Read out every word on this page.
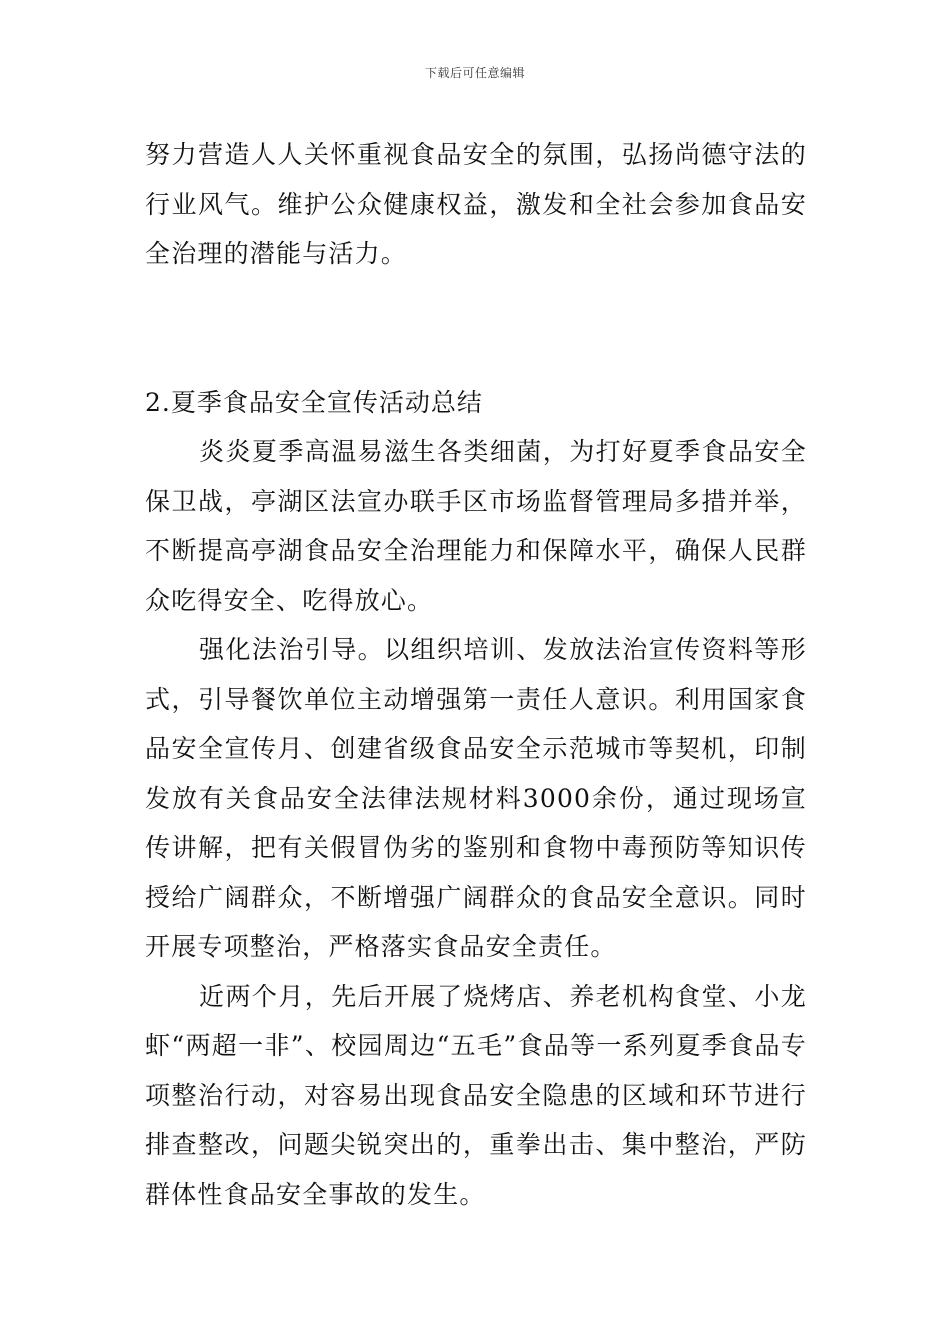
下载后可任意编辑

努力营造人人关怀重视食品安全的氛围，弘扬尚德守法的行业风气。维护公众健康权益，激发和全社会参加食品安全治理的潜能与活力。

2.夏季食品安全宣传活动总结

炎炎夏季高温易滋生各类细菌，为打好夏季食品安全保卫战，亭湖区法宣办联手区市场监督管理局多措并举，不断提高亭湖食品安全治理能力和保障水平，确保人民群众吃得安全、吃得放心。

强化法治引导。以组织培训、发放法治宣传资料等形式，引导餐饮单位主动增强第一责任人意识。利用国家食品安全宣传月、创建省级食品安全示范城市等契机，印制发放有关食品安全法律法规材料3000余份，通过现场宣传讲解，把有关假冒伪劣的鉴别和食物中毒预防等知识传授给广阔群众，不断增强广阔群众的食品安全意识。同时开展专项整治，严格落实食品安全责任。

近两个月，先后开展了烧烤店、养老机构食堂、小龙虾“两超一非”、校园周边“五毛”食品等一系列夏季食品专项整治行动，对容易出现食品安全隐患的区域和环节进行排查整改，问题尖锐突出的，重拳出击、集中整治，严防群体性食品安全事故的发生。
